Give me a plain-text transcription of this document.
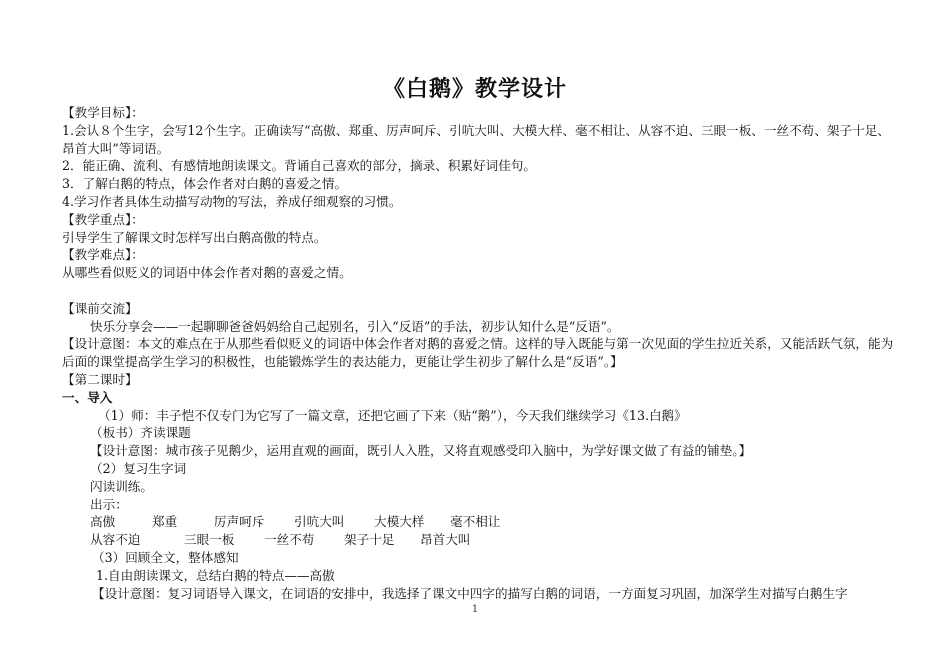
《白鹅》教学设计
【教学目标】：
1.会认８个生字，会写12个生字。正确读写“高傲、郑重、厉声呵斥、引吭大叫、大模大样、毫不相让、从容不迫、三眼一板、一丝不苟、架子十足、昂首大叫”等词语。
2．能正确、流利、有感情地朗读课文。背诵自己喜欢的部分，摘录、积累好词佳句。
3．了解白鹅的特点，体会作者对白鹅的喜爱之情。
4.学习作者具体生动描写动物的写法，养成仔细观察的习惯。
【教学重点】：
引导学生了解课文时怎样写出白鹅高傲的特点。
【教学难点】：
从哪些看似贬义的词语中体会作者对鹅的喜爱之情。
【课前交流】
快乐分享会——一起聊聊爸爸妈妈给自己起别名，引入“反语”的手法，初步认知什么是“反语”。
【设计意图：本文的难点在于从那些看似贬义的词语中体会作者对鹅的喜爱之情。这样的导入既能与第一次见面的学生拉近关系，又能活跃气氛，能为后面的课堂提高学生学习的积极性，也能锻炼学生的表达能力，更能让学生初步了解什么是“反语”。】
【第二课时】
一、导入
（1）师：丰子恺不仅专门为它写了一篇文章，还把它画了下来（贴“鹅”），今天我们继续学习《13.白鹅》
（板书）齐读课题
【设计意图：城市孩子见鹅少，运用直观的画面，既引人入胜，又将直观感受印入脑中，为学好课文做了有益的铺垫。】
（2）复习生字词
闪读训练。
出示：
高傲	郑重	厉声呵斥	引吭大叫	大模大样	毫不相让
从容不迫	三眼一板	一丝不苟	架子十足	昂首大叫
（3）回顾全文，整体感知
1.自由朗读课文，总结白鹅的特点——高傲
【设计意图：复习词语导入课文，在词语的安排中，我选择了课文中四字的描写白鹅的词语，一方面复习巩固，加深学生对描写白鹅生字
1
